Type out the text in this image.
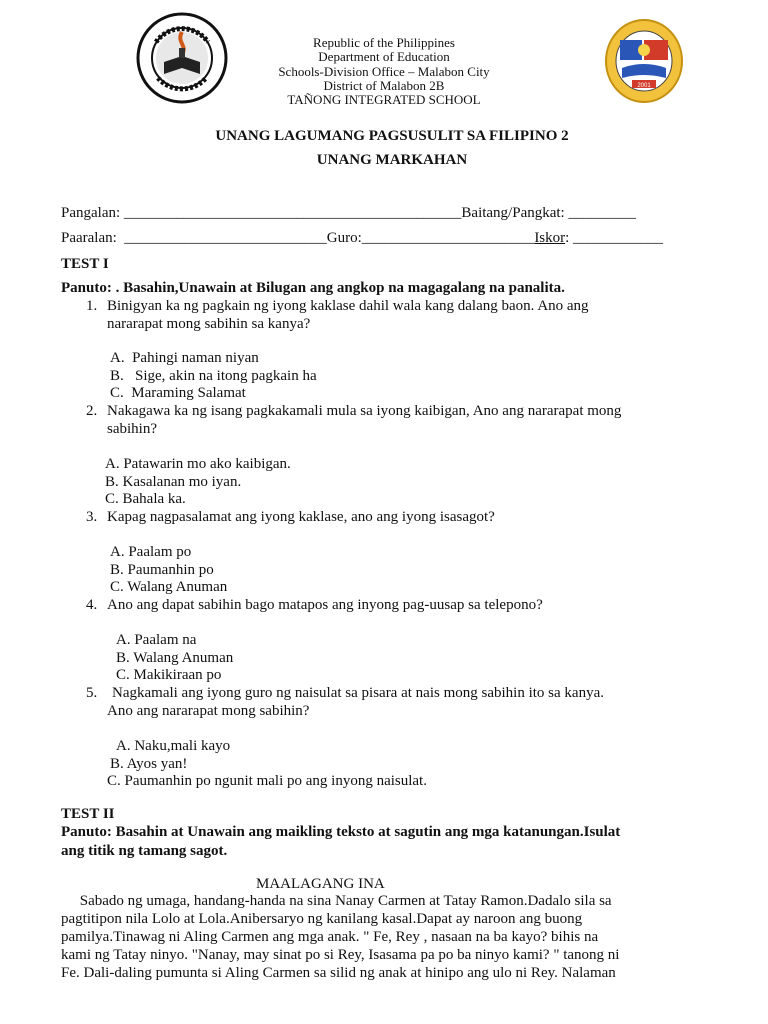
2001
Republic of the Philippines
Department of Education
Schools-Division Office – Malabon City
District of Malabon 2B
TAÑONG INTEGRATED SCHOOL
UNANG LAGUMANG PAGSUSULIT SA FILIPINO 2
UNANG MARKAHAN
Pangalan: _____________________________________________Baitang/Pangkat: _________
Paaralan:  ___________________________Guro:_______________________Iskor: ____________
TEST I
Panuto: . Basahin,Unawain at Bilugan ang angkop na magagalang na panalita.
1. Binigyan ka ng pagkain ng iyong kaklase dahil wala kang dalang baon. Ano ang
nararapat mong sabihin sa kanya?
A.  Pahingi naman niyan
B.   Sige, akin na itong pagkain ha
C.  Maraming Salamat
2. Nakagawa ka ng isang pagkakamali mula sa iyong kaibigan, Ano ang nararapat mong
sabihin?
A. Patawarin mo ako kaibigan.
B. Kasalanan mo iyan.
C. Bahala ka.
3. Kapag nagpasalamat ang iyong kaklase, ano ang iyong isasagot?
A. Paalam po
B. Paumanhin po
C. Walang Anuman
4. Ano ang dapat sabihin bago matapos ang inyong pag-uusap sa telepono?
A. Paalam na
B. Walang Anuman
C. Makikiraan po
5. Nagkamali ang iyong guro ng naisulat sa pisara at nais mong sabihin ito sa kanya.
Ano ang nararapat mong sabihin?
A. Naku,mali kayo
B. Ayos yan!
C. Paumanhin po ngunit mali po ang inyong naisulat.
TEST II
Panuto: Basahin at Unawain ang maikling teksto at sagutin ang mga katanungan.Isulat
ang titik ng tamang sagot.
MAALAGANG INA
Sabado ng umaga, handang-handa na sina Nanay Carmen at Tatay Ramon.Dadalo sila sa
pagtitipon nila Lolo at Lola.Anibersaryo ng kanilang kasal.Dapat ay naroon ang buong
pamilya.Tinawag ni Aling Carmen ang mga anak. " Fe, Rey , nasaan na ba kayo? bihis na
kami ng Tatay ninyo. "Nanay, may sinat po si Rey, Isasama pa po ba ninyo kami? " tanong ni
Fe. Dali-daling pumunta si Aling Carmen sa silid ng anak at hinipo ang ulo ni Rey. Nalaman
